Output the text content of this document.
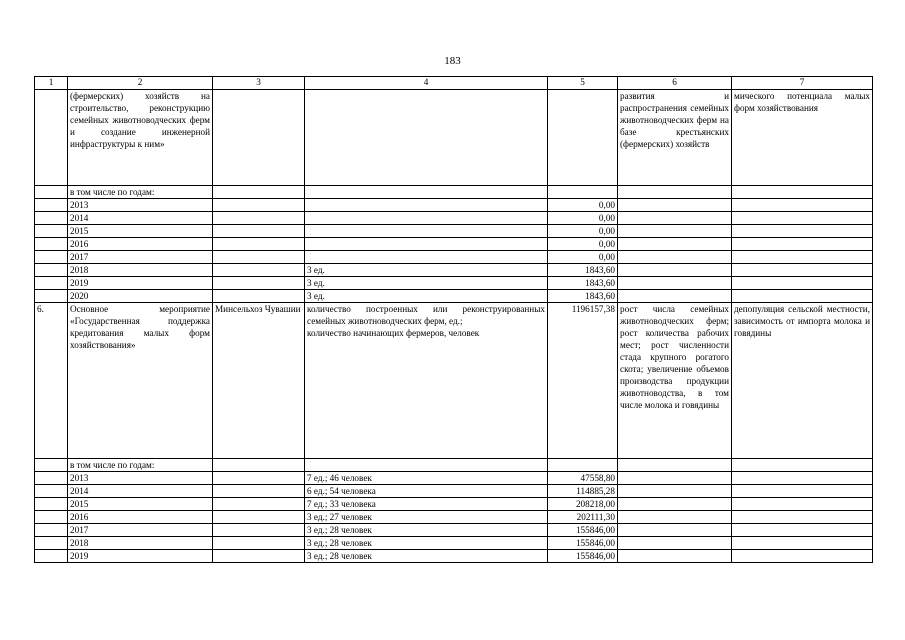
183
1	2	3	4	5	6	7
	(фермерских) хозяйств на строительство, реконструкцию семейных животноводческих ферм и создание инженерной инфраструктуры к ним»				развития и распространения семейных животноводческих ферм на базе крестьянских (фермерских) хозяйств	мического потенциала малых форм хозяйствования
	в том числе по годам:					
	2013			0,00		
	2014			0,00		
	2015			0,00		
	2016			0,00		
	2017			0,00		
	2018		3 ед.	1843,60		
	2019		3 ед.	1843,60		
	2020		3 ед.	1843,60		
6.	Основное мероприятие «Государственная поддержка кредитования малых форм хозяйствования»	Минсельхоз Чувашии	количество построенных или реконструированных семейных животноводческих ферм, ед.;
количество начинающих фермеров, человек	1196157,38	рост числа семейных животноводческих ферм; рост количества рабочих мест; рост численности стада крупного рогатого скота; увеличение объемов производства продукции животноводства, в том числе молока и говядины	депопуляция сельской местности, зависимость от импорта молока и говядины
	в том числе по годам:					
	2013		7 ед.; 46 человек	47558,80		
	2014		6 ед.; 54 человека	114885,28		
	2015		7 ед.; 33 человека	208218,00		
	2016		3 ед.; 27 человек	202111,30		
	2017		3 ед.; 28 человек	155846,00		
	2018		3 ед.; 28 человек	155846,00		
	2019		3 ед.; 28 человек	155846,00		
